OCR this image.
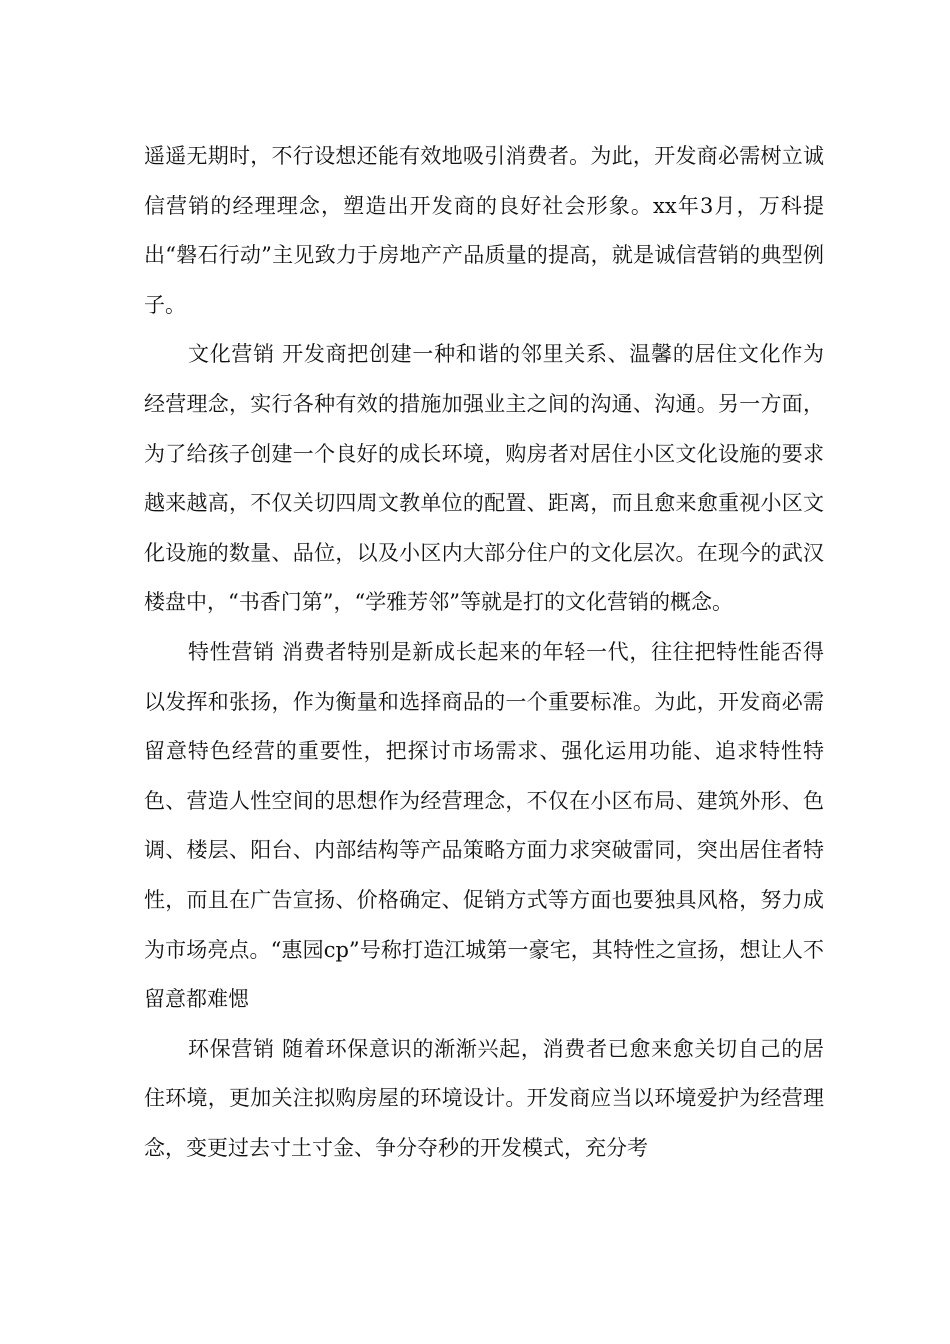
遥遥无期时，不行设想还能有效地吸引消费者。为此，开发商必需树立诚信营销的经理理念，塑造出开发商的良好社会形象。xx年3月，万科提出“磐石行动”主见致力于房地产产品质量的提高，就是诚信营销的典型例子。

文化营销 开发商把创建一种和谐的邻里关系、温馨的居住文化作为经营理念，实行各种有效的措施加强业主之间的沟通、沟通。另一方面，为了给孩子创建一个良好的成长环境，购房者对居住小区文化设施的要求越来越高，不仅关切四周文教单位的配置、距离，而且愈来愈重视小区文化设施的数量、品位，以及小区内大部分住户的文化层次。在现今的武汉楼盘中，“书香门第”，“学雅芳邻”等就是打的文化营销的概念。

特性营销 消费者特别是新成长起来的年轻一代，往往把特性能否得以发挥和张扬，作为衡量和选择商品的一个重要标准。为此，开发商必需留意特色经营的重要性，把探讨市场需求、强化运用功能、追求特性特色、营造人性空间的思想作为经营理念，不仅在小区布局、建筑外形、色调、楼层、阳台、内部结构等产品策略方面力求突破雷同，突出居住者特性，而且在广告宣扬、价格确定、促销方式等方面也要独具风格，努力成为市场亮点。“惠园cp”号称打造江城第一豪宅，其特性之宣扬，想让人不留意都难愢

环保营销 随着环保意识的渐渐兴起，消费者已愈来愈关切自己的居住环境，更加关注拟购房屋的环境设计。开发商应当以环境爱护为经营理念，变更过去寸土寸金、争分夺秒的开发模式，充分考
